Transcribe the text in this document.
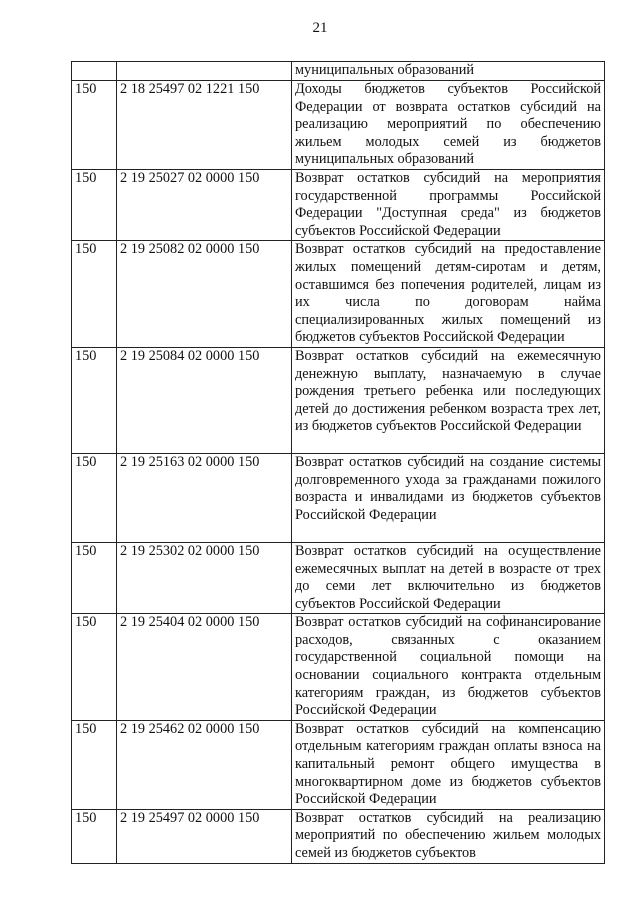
21
		муниципальных образований
150	2 18 25497 02 1221 150	Доходы бюджетов субъектов Российской Федерации от возврата остатков субсидий на реализацию мероприятий по обеспечению жильем молодых семей из бюджетов муниципальных образований
150	2 19 25027 02 0000 150	Возврат остатков субсидий на мероприятия государственной программы Российской Федерации "Доступная среда" из бюджетов субъектов Российской Федерации
150	2 19 25082 02 0000 150	Возврат остатков субсидий на предоставление жилых помещений детям-сиротам и детям, оставшимся без попечения родителей, лицам из их числа по договорам найма специализированных жилых помещений из бюджетов субъектов Российской Федерации
150	2 19 25084 02 0000 150	Возврат остатков субсидий на ежемесячную денежную выплату, назначаемую в случае рождения третьего ребенка или последующих детей до достижения ребенком возраста трех лет, из бюджетов субъектов Российской Федерации
150	2 19 25163 02 0000 150	Возврат остатков субсидий на создание системы долговременного ухода за гражданами пожилого возраста и инвалидами из бюджетов субъектов Российской Федерации
150	2 19 25302 02 0000 150	Возврат остатков субсидий на осуществление ежемесячных выплат на детей в возрасте от трех до семи лет включительно из бюджетов субъектов Российской Федерации
150	2 19 25404 02 0000 150	Возврат остатков субсидий на софинансирование расходов, связанных с оказанием государственной социальной помощи на основании социального контракта отдельным категориям граждан, из бюджетов субъектов Российской Федерации
150	2 19 25462 02 0000 150	Возврат остатков субсидий на компенсацию отдельным категориям граждан оплаты взноса на капитальный ремонт общего имущества в многоквартирном доме из бюджетов субъектов Российской Федерации
150	2 19 25497 02 0000 150	Возврат остатков субсидий на реализацию мероприятий по обеспечению жильем молодых семей из бюджетов субъектов
